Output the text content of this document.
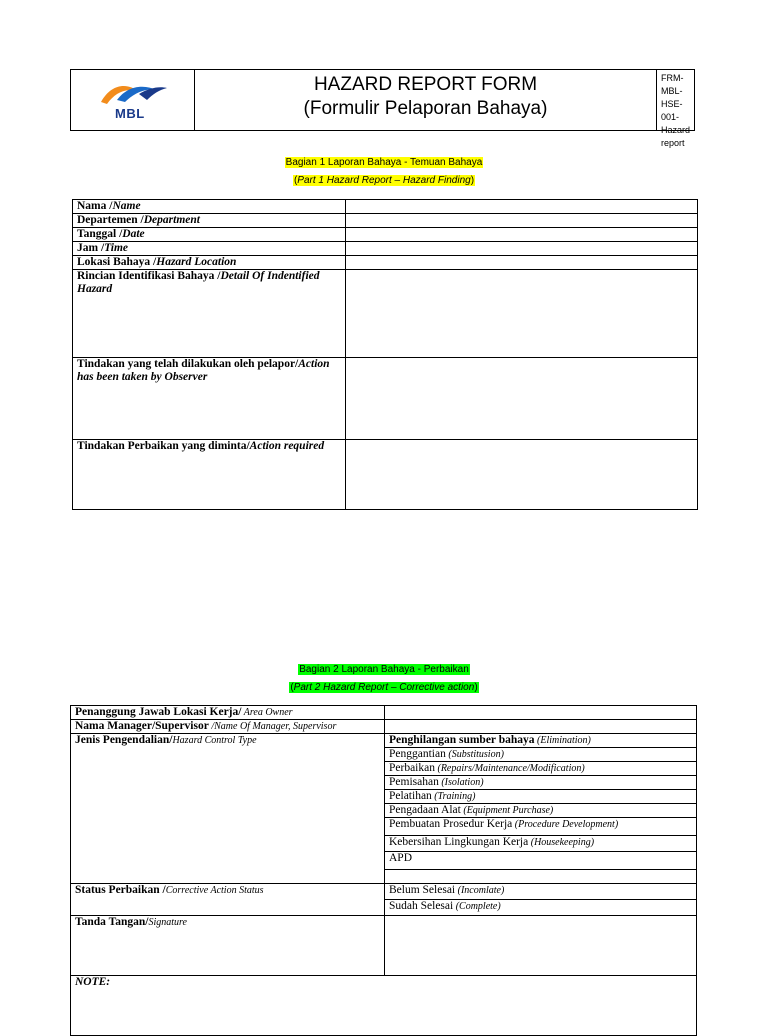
MBL
HAZARD REPORT FORM
(Formulir Pelaporan Bahaya)
FRM-MBL-HSE-001-
Hazard report
Bagian 1 Laporan Bahaya - Temuan Bahaya
(Part 1 Hazard Report – Hazard Finding)
Nama /Name	
Departemen /Department	
Tanggal /Date	
Jam /Time	
Lokasi Bahaya /Hazard Location	
Rincian Identifikasi Bahaya /Detail Of Indentified Hazard	
Tindakan yang telah dilakukan oleh pelapor/Action has been taken by Observer	
Tindakan Perbaikan yang diminta/Action required	
Bagian 2 Laporan Bahaya - Perbaikan
(Part 2 Hazard Report – Corrective action)
Penanggung Jawab Lokasi Kerja/ Area Owner	
Nama Manager/Supervisor /Name Of Manager, Supervisor	
Jenis Pengendalian/Hazard Control Type	Penghilangan sumber bahaya (Elimination)
	Penggantian (Substitusion)
	Perbaikan (Repairs/Maintenance/Modification)
	Pemisahan (Isolation)
	Pelatihan (Training)
	Pengadaan Alat (Equipment Purchase)
	Pembuatan Prosedur Kerja (Procedure Development)
	Kebersihan Lingkungan Kerja (Housekeeping)
	APD

Status Perbaikan /Corrective Action Status	Belum Selesai (Incomlate)
	Sudah Selesai (Complete)
Tanda Tangan/Signature	
NOTE:	
